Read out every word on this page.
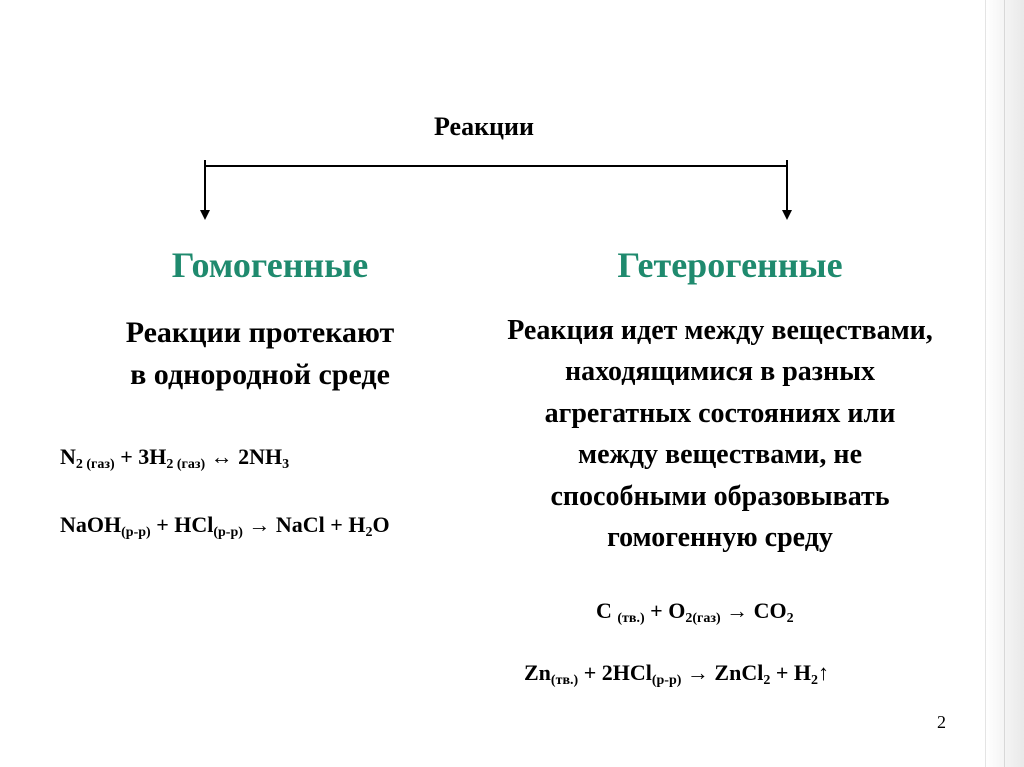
Реакции
Гомогенные	Гетерогенные
Реакции протекают
в однородной среде
Реакция идет между веществами,
находящимися в разных
агрегатных состояниях или
между веществами, не
способными образовывать
гомогенную среду
$N_{2 (газ)} + 3H_{2 (газ)}$ ↔ $2NH_3$
NaOH$_{(р-р)}$ + HCl$_{(р-р)}$ → NaCl + $H_2O$
C $_{(тв.)} + O_{2(газ)} \to CO_2$
$Zn_{(тв.)} + 2HCl_{(р-р)}$ → ZnCl$_2$ + $H_2↑$
2
